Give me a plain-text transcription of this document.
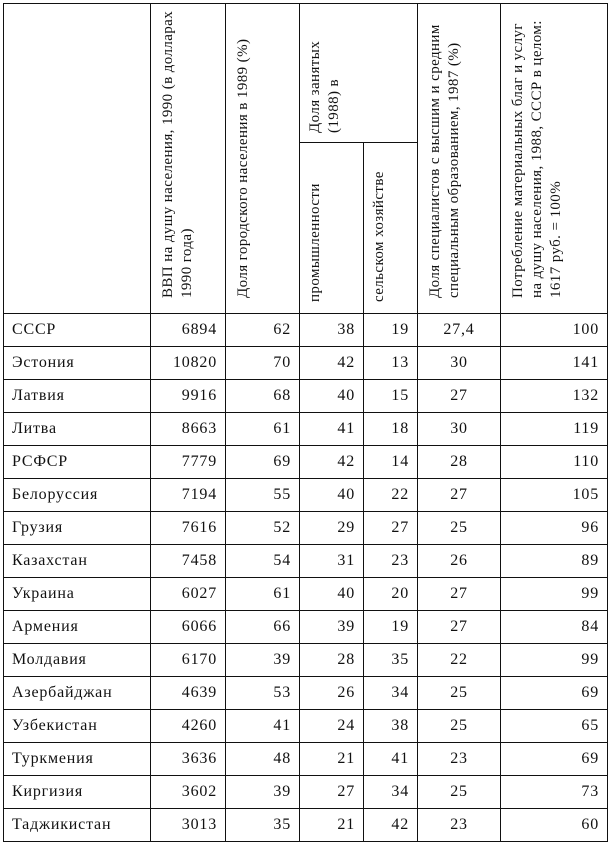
	ВВП на душу населения, 1990 (в долларах 1990 года)	Доля городского населения в 1989 (%)	Доля занятых (1988) в		Доля специалистов с высшим и средним специальным образованием, 1987 (%)	Потребление материальных благ и услуг на душу населения, 1988, СССР в целом: 1617 руб. = 100%
			промышленности	сельском хозяйстве		
СССР	6894	62	38	19	27,4	100
Эстония	10820	70	42	13	30	141
Латвия	9916	68	40	15	27	132
Литва	8663	61	41	18	30	119
РСФСР	7779	69	42	14	28	110
Белоруссия	7194	55	40	22	27	105
Грузия	7616	52	29	27	25	96
Казахстан	7458	54	31	23	26	89
Украина	6027	61	40	20	27	99
Армения	6066	66	39	19	27	84
Молдавия	6170	39	28	35	22	99
Азербайджан	4639	53	26	34	25	69
Узбекистан	4260	41	24	38	25	65
Туркмения	3636	48	21	41	23	69
Киргизия	3602	39	27	34	25	73
Таджикистан	3013	35	21	42	23	60
